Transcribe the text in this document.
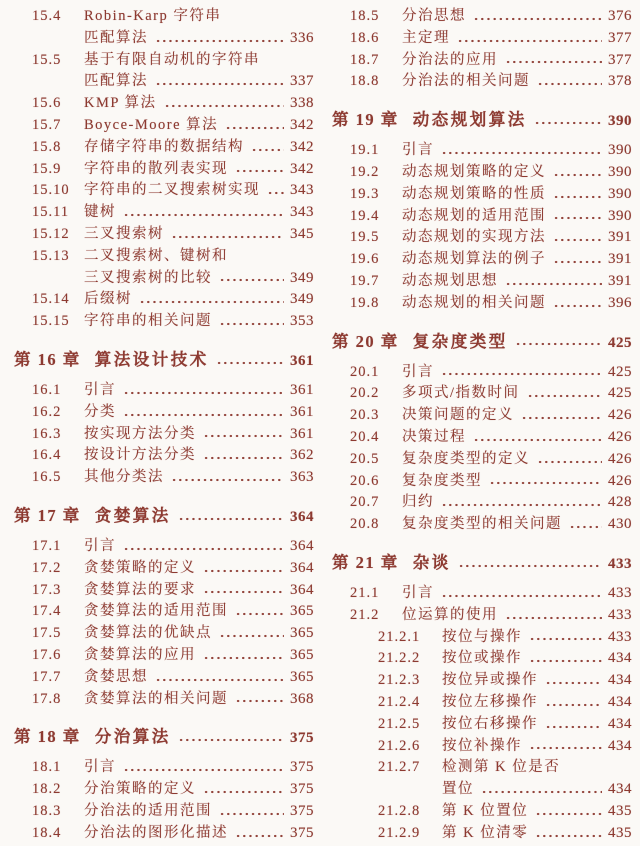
15.4	Robin-Karp 字符串
匹配算法	336
15.5	基于有限自动机的字符串
匹配算法	337
15.6	KMP 算法	338
15.7	Boyce-Moore 算法	342
15.8	存储字符串的数据结构	342
15.9	字符串的散列表实现	342
15.10 字符串的二叉搜索树实现 343
15.11 键树	343
15.12 三叉搜索树	345
15.13 二叉搜索树、键树和
三叉搜索树的比较	349
15.14 后缀树	349
15.15 字符串的相关问题	353
第 16 章 算法设计技术	361
16.1	引言	361
16.2	分类	361
16.3	按实现方法分类	361
16.4	按设计方法分类	362
16.5	其他分类法	363
第 17 章 贪婪算法	364
17.1	引言	364
17.2	贪婪策略的定义	364
17.3	贪婪算法的要求	364
17.4	贪婪算法的适用范围	365
17.5	贪婪算法的优缺点	365
17.6	贪婪算法的应用	365
17.7	贪婪思想	365
17.8	贪婪算法的相关问题	368
第 18 章 分治算法	375
18.1	引言	375
18.2	分治策略的定义	375
18.3	分治法的适用范围	375
18.4	分治法的图形化描述	375
18.5	分治思想	376
18.6	主定理	377
18.7	分治法的应用	377
18.8	分治法的相关问题	378
第 19 章 动态规划算法	390
19.1	引言	390
19.2	动态规划策略的定义	390
19.3	动态规划策略的性质	390
19.4	动态规划的适用范围	390
19.5	动态规划的实现方法	391
19.6	动态规划算法的例子	391
19.7	动态规划思想	391
19.8	动态规划的相关问题	396
第 20 章 复杂度类型	425
20.1	引言	425
20.2	多项式/指数时间	425
20.3	决策问题的定义	426
20.4	决策过程	426
20.5	复杂度类型的定义	426
20.6	复杂度类型	426
20.7	归约	428
20.8	复杂度类型的相关问题	430
第 21 章 杂谈	433
21.1	引言	433
21.2	位运算的使用	433
21.2.1	按位与操作	433
21.2.2	按位或操作	434
21.2.3	按位异或操作	434
21.2.4	按位左移操作	434
21.2.5	按位右移操作	434
21.2.6	按位补操作	434
21.2.7	检测第 K 位是否
置位	434
21.2.8	第 K 位置位	435
21.2.9	第 K 位清零	435
